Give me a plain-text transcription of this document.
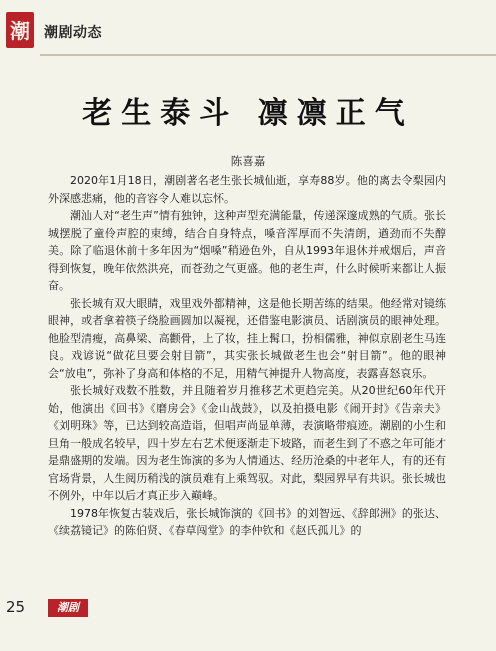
潮 潮剧动态
老生泰斗 凛凛正气
陈喜嘉

2020年1月18日，潮剧著名老生张长城仙逝，享寿88岁。他的离去令梨园内外深感悲痛，他的音容令人难以忘怀。

潮汕人对“老生声”情有独钟，这种声型充满能量，传递深邃成熟的气质。张长城摆脱了童伶声腔的束缚，结合自身特点，嗓音浑厚而不失清朗，遒劲而不失醇美。除了临退休前十多年因为“烟嗓”稍逊色外，自从1993年退休并戒烟后，声音得到恢复，晚年依然洪亮，而苍劲之气更盛。他的老生声，什么时候听来都让人振奋。

张长城有双大眼睛，戏里戏外都精神，这是他长期苦练的结果。他经常对镜练眼神，或者拿着筷子绕脸画圆加以凝视，还借鉴电影演员、话剧演员的眼神处理。他脸型清瘦，高鼻梁、高颧骨，上了妆，挂上髯口，扮相儒雅，神似京剧老生马连良。戏谚说“做花旦要会射目箭”，其实张长城做老生也会“射目箭”。他的眼神会“放电”，弥补了身高和体格的不足，用精气神提升人物高度，表露喜怒哀乐。

张长城好戏数不胜数，并且随着岁月推移艺术更趋完美。从20世纪60年代开始，他演出《回书》《磨房会》《金山战鼓》，以及拍摄电影《闹开封》《告亲夫》《刘明珠》等，已达到较高造诣，但唱声尚显单薄，表演略带痕迹。潮剧的小生和旦角一般成名较早，四十岁左右艺术便逐渐走下坡路，而老生到了不惑之年可能才是鼎盛期的发端。因为老生饰演的多为人情通达、经历沧桑的中老年人，有的还有官场背景，人生阅历稍浅的演员难有上乘驾驭。对此，梨园界早有共识。张长城也不例外，中年以后才真正步入巅峰。

1978年恢复古装戏后，张长城饰演的《回书》的刘智远、《辞郎洲》的张达、《续荔镜记》的陈伯贤、《春草闯堂》的李仲钦和《赵氏孤儿》的

25	潮剧
